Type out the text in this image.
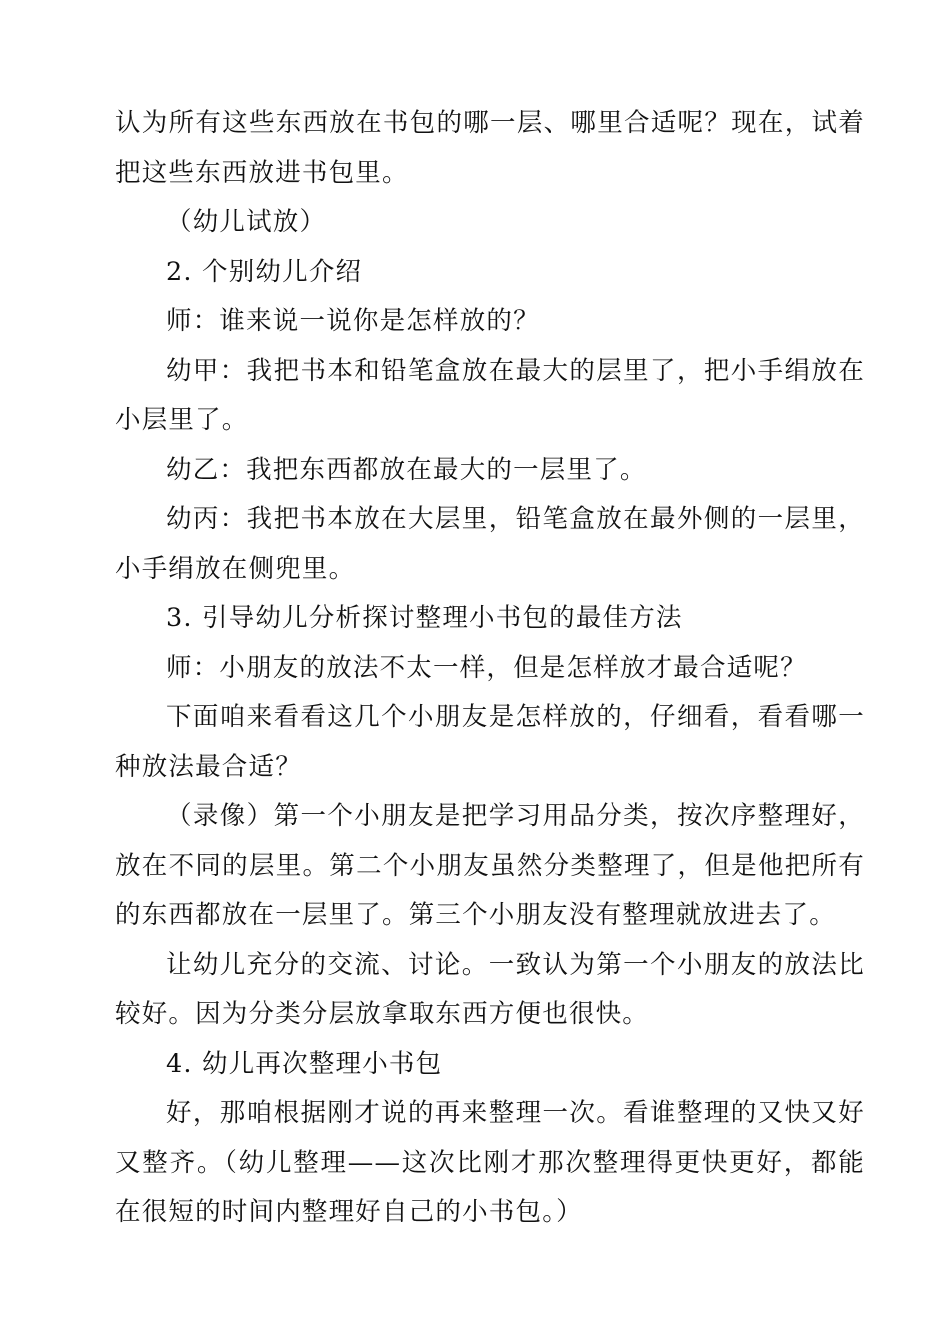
认为所有这些东西放在书包的哪一层、哪里合适呢？现在，试着把这些东西放进书包里。

（幼儿试放）

2. 个别幼儿介绍

师：谁来说一说你是怎样放的？

幼甲：我把书本和铅笔盒放在最大的层里了，把小手绢放在小层里了。

幼乙：我把东西都放在最大的一层里了。

幼丙：我把书本放在大层里，铅笔盒放在最外侧的一层里，小手绢放在侧兜里。

3. 引导幼儿分析探讨整理小书包的最佳方法

师：小朋友的放法不太一样，但是怎样放才最合适呢？

下面咱来看看这几个小朋友是怎样放的，仔细看，看看哪一种放法最合适？

（录像）第一个小朋友是把学习用品分类，按次序整理好，放在不同的层里。第二个小朋友虽然分类整理了，但是他把所有的东西都放在一层里了。第三个小朋友没有整理就放进去了。

让幼儿充分的交流、讨论。一致认为第一个小朋友的放法比较好。因为分类分层放拿取东西方便也很快。

4. 幼儿再次整理小书包

好，那咱根据刚才说的再来整理一次。看谁整理的又快又好又整齐。（幼儿整理——这次比刚才那次整理得更快更好，都能在很短的时间内整理好自己的小书包。）
